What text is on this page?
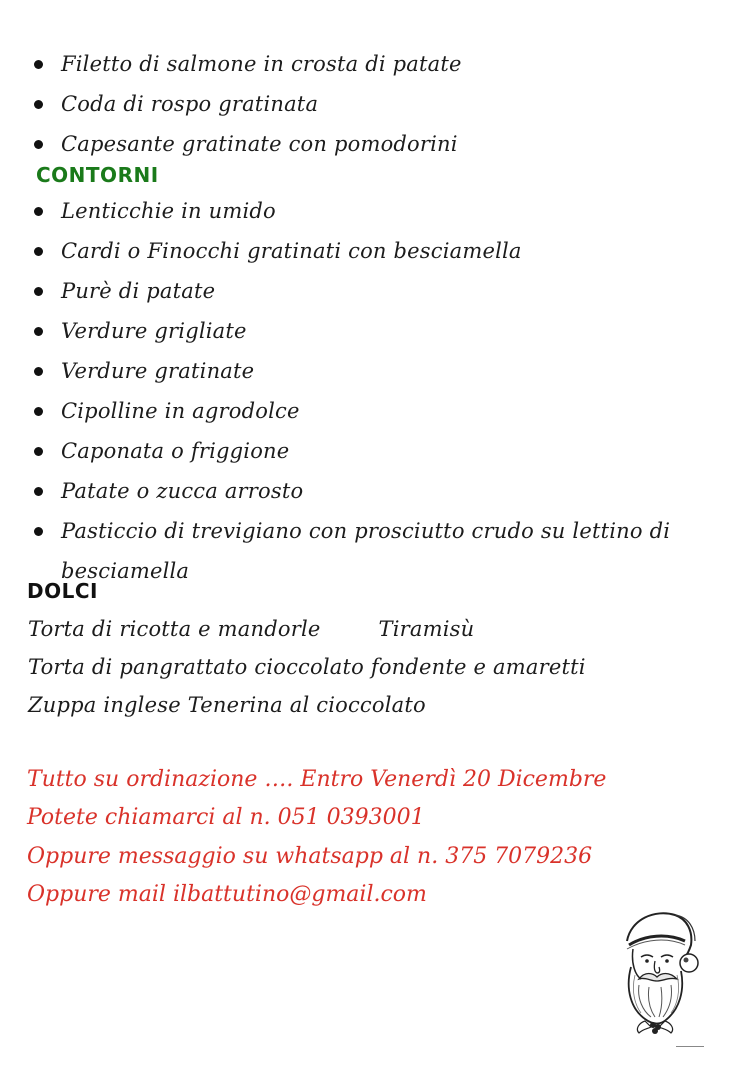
Filetto di salmone in crosta di patate
Coda di rospo gratinata
Capesante gratinate con pomodorini
CONTORNI
Lenticchie in umido
Cardi o Finocchi gratinati con besciamella
Purè di patate
Verdure grigliate
Verdure gratinate
Cipolline in agrodolce
Caponata o friggione
Patate o zucca arrosto
Pasticcio di trevigiano con prosciutto crudo su lettino di besciamella
DOLCI
Torta di ricotta e mandorle	Tiramisù
Torta di pangrattato cioccolato fondente e amaretti
Zuppa inglese Tenerina al cioccolato
Tutto su ordinazione …. Entro Venerdì 20 Dicembre
Potete chiamarci al n. 051 0393001
Oppure messaggio su whatsapp al n. 375 7079236
Oppure mail ilbattutino@gmail.com
